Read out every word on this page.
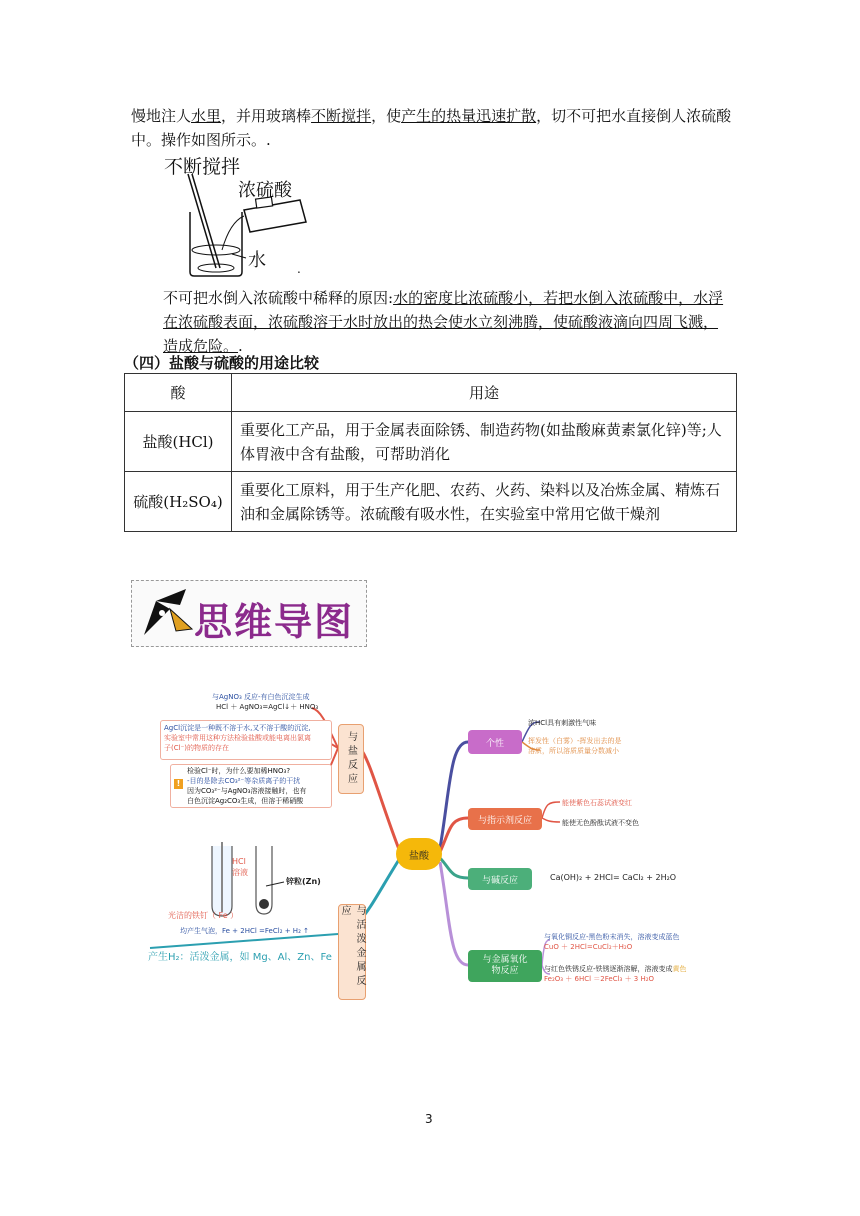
慢地注人水里，并用玻璃棒不断搅拌，使产生的热量迅速扩散，切不可把水直接倒人浓硫酸
中。操作如图所示。.
不断搅拌
浓硫酸
水	.
不可把水倒入浓硫酸中稀释的原因:水的密度比浓硫酸小，若把水倒入浓硫酸中，水浮
在浓硫酸表面，浓硫酸溶于水时放出的热会使水立刻沸腾，使硫酸液滴向四周飞溅，
造成危险。.
（四）盐酸与硫酸的用途比较
酸	用途
盐酸(HCl)	重要化工产品，用于金属表面除锈、制造药物(如盐酸麻黄素氯化锌)等;人体胃液中含有盐酸，可帮助消化
硫酸(H₂SO₄)	重要化工原料，用于生产化肥、农药、火药、染料以及冶炼金属、精炼石油和金属除锈等。浓硫酸有吸水性，在实验室中常用它做干燥剂
思维导图
盐酸
与盐反应
与活泼金属反应
个性
与指示剂反应
与碱反应
与金属氧化物反应
与AgNO₃ 反应-有白色沉淀生成
HCl ＋ AgNO₃=AgCl↓＋ HNO₃
AgCl沉淀是一种既不溶于水,又不溶于酸的沉淀,
实验室中常用这种方法检验盐酸或能电离出氯离
子(Cl⁻)的物质的存在
检验Cl⁻时，为什么要加稀HNO₃?
-目的是除去CO₃²⁻等杂质离子的干扰
因为CO₃²⁻与AgNO₃溶液接触时，也有
白色沉淀Ag₂CO₃生成，但溶于稀硝酸
!
HCl
溶液
锌粒(Zn)
光洁的铁钉（ Fe ）
均产生气泡，Fe + 2HCl =FeCl₂ + H₂ ↑
产生H₂：活泼金属，如 Mg、Al、Zn、Fe
浓HCl具有刺激性气味
挥发性（白雾）-挥发出去的是
溶质，所以溶质质量分数减小
能使紫色石蕊试液变红
能使无色酚酞试液不变色
Ca(OH)₂ + 2HCl= CaCl₂ + 2H₂O
与氧化铜反应-黑色粉末消失，溶液变成蓝色
CuO ＋ 2HCl=CuCl₂＋H₂O
与红色铁锈反应-铁锈逐渐溶解，溶液变成黄色
Fe₂O₃ ＋ 6HCl ＝2FeCl₃ ＋ 3 H₂O
3
